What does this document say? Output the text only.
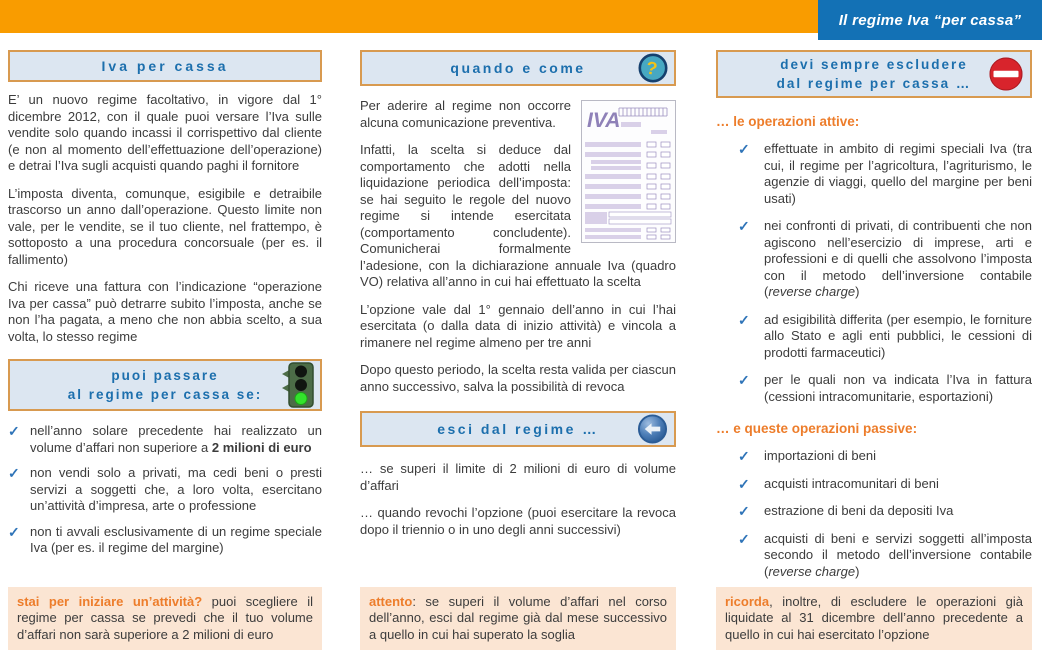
Il regime Iva “per cassa”
Iva per cassa

E’ un nuovo regime facoltativo, in vigore dal 1° dicembre 2012, con il quale puoi versare l’Iva sulle vendite solo quando incassi il corrispettivo dal cliente (e non al momento dell’effettuazione dell’operazione) e detrai l’Iva sugli acquisti quando paghi il fornitore

L’imposta diventa, comunque, esigibile e detraibile trascorso un anno dall’operazione. Questo limite non vale, per le vendite, se il tuo cliente, nel frattempo, è sottoposto a una procedura concorsuale (per es. il fallimento)

Chi riceve una fattura con l’indicazione “operazione Iva per cassa” può detrarre subito l’imposta, anche se non l’ha pagata, a meno che non abbia scelto, a sua volta, lo stesso regime

puoi passare
al regime per cassa se:
✓ nell’anno solare precedente hai realizzato un volume d’affari non superiore a 2 milioni di euro
✓ non vendi solo a privati, ma cedi beni o presti servizi a soggetti che, a loro volta, esercitano un’attività d’impresa, arte o professione
✓ non ti avvali esclusivamente di un regime speciale Iva (per es. il regime del margine)
stai per iniziare un’attività? puoi scegliere il regime per cassa se prevedi che il tuo volume d’affari non sarà superiore a 2 milioni di euro
quando e come	?
IVA

Per aderire al regime non occorre alcuna comunicazione preventiva.

Infatti, la scelta si deduce dal comportamento che adotti nella liquidazione periodica dell’imposta: se hai seguito le regole del nuovo regime si intende esercitata (comportamento concludente). Comunicherai formalmente l’adesione, con la dichiarazione annuale Iva (quadro VO) relativa all’anno in cui hai effettuato la scelta

L’opzione vale dal 1° gennaio dell’anno in cui l’hai esercitata (o dalla data di inizio attività) e vincola a rimanere nel regime almeno per tre anni

Dopo questo periodo, la scelta resta valida per ciascun anno successivo, salva la possibilità di revoca

esci dal regime …

… se superi il limite di 2 milioni di euro di volume d’affari

… quando revochi l’opzione (puoi esercitare la revoca dopo il triennio o in uno degli anni successivi)

attento: se superi il volume d’affari nel corso dell’anno, esci dal regime già dal mese successivo a quello in cui hai superato la soglia
devi sempre escludere
dal regime per cassa …
… le operazioni attive:
✓	effettuate in ambito di regimi speciali Iva (tra cui, il regime per l’agricoltura, l’agriturismo, le agenzie di viaggi, quello del margine per beni usati)
✓	nei confronti di privati, di contribuenti che non agiscono nell’esercizio di imprese, arti e professioni e di quelli che assolvono l’imposta con il metodo dell’inversione contabile (reverse charge)
✓	ad esigibilità differita (per esempio, le forniture allo Stato e agli enti pubblici, le cessioni di prodotti farmaceutici)
✓	per le quali non va indicata l’Iva in fattura (cessioni intracomunitarie, esportazioni)
… e queste operazioni passive:
✓	importazioni di beni
✓	acquisti intracomunitari di beni
✓	estrazione di beni da depositi Iva
✓	acquisti di beni e servizi soggetti all’imposta secondo il metodo dell’inversione contabile (reverse charge)
ricorda, inoltre, di escludere le operazioni già liquidate al 31 dicembre dell’anno precedente a quello in cui hai esercitato l’opzione
